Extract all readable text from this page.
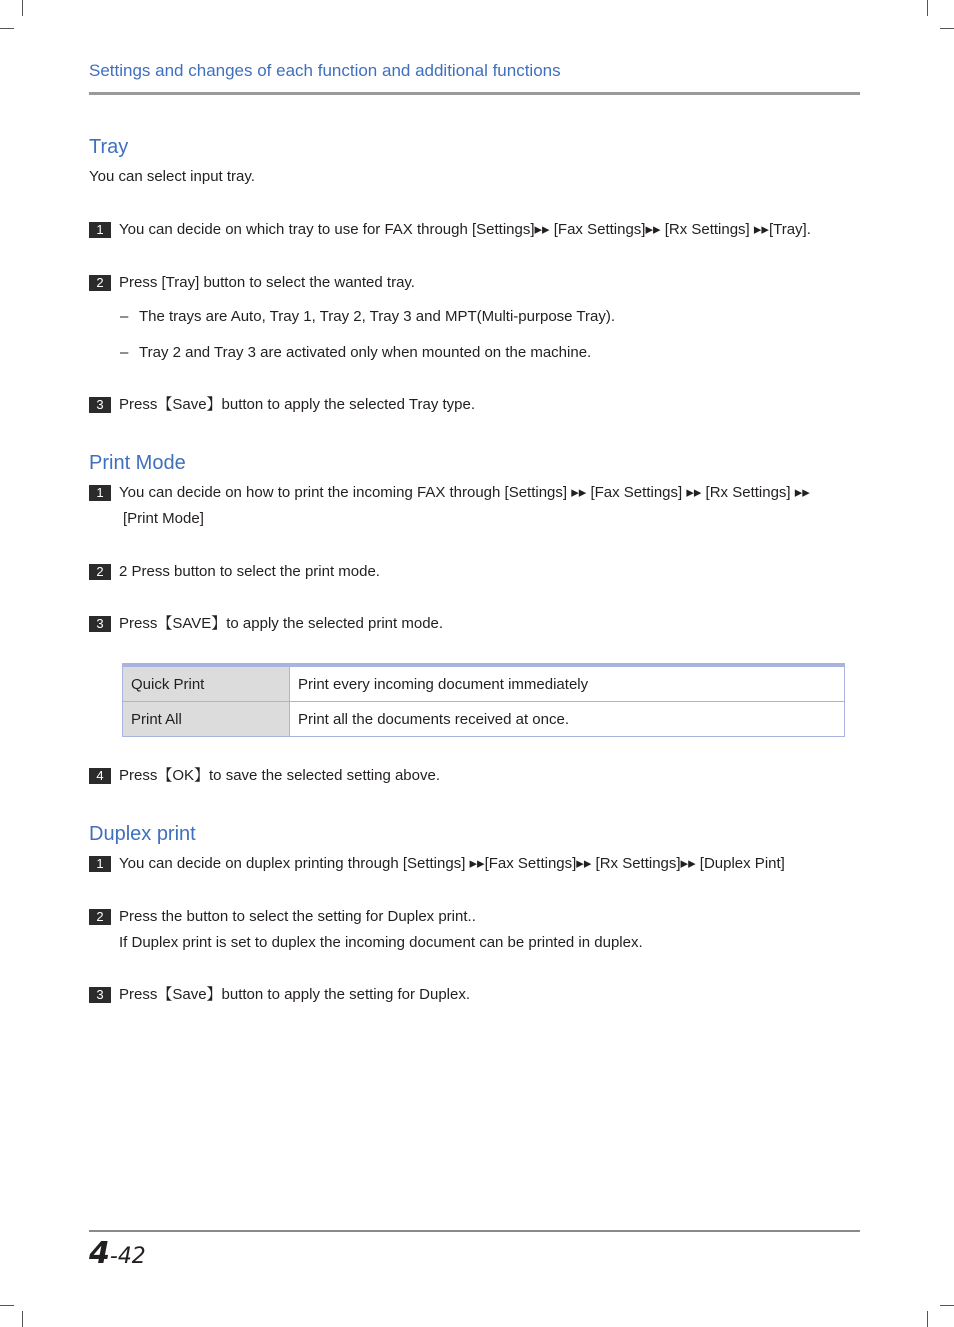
Settings and changes of each function and additional functions
Tray
You can select input tray.
1	You can decide on which tray to use for FAX through [Settings]▸▸ [Fax Settings]▸▸ [Rx Settings] ▸▸[Tray].
2	Press [Tray] button to select the wanted tray.
– The trays are Auto, Tray 1, Tray 2, Tray 3 and MPT(Multi-purpose Tray).
– Tray 2 and Tray 3 are activated only when mounted on the machine.
3	Press【Save】button to apply the selected Tray type.
Print Mode
1	You can decide on how to print the incoming FAX through [Settings] ▸▸ [Fax Settings] ▸▸ [Rx Settings] ▸▸
[Print Mode]
2	2 Press button to select the print mode.
3	Press【SAVE】to apply the selected print mode.
Quick Print	Print every incoming document immediately
Print All	Print all the documents received at once.
4	Press【OK】to save the selected setting above.
Duplex print
1	You can decide on duplex printing through [Settings] ▸▸[Fax Settings]▸▸ [Rx Settings]▸▸ [Duplex Pint]
2	Press the button to select the setting for Duplex print..
If Duplex print is set to duplex the incoming document can be printed in duplex.
3	Press【Save】button to apply the setting for Duplex.
4-42
